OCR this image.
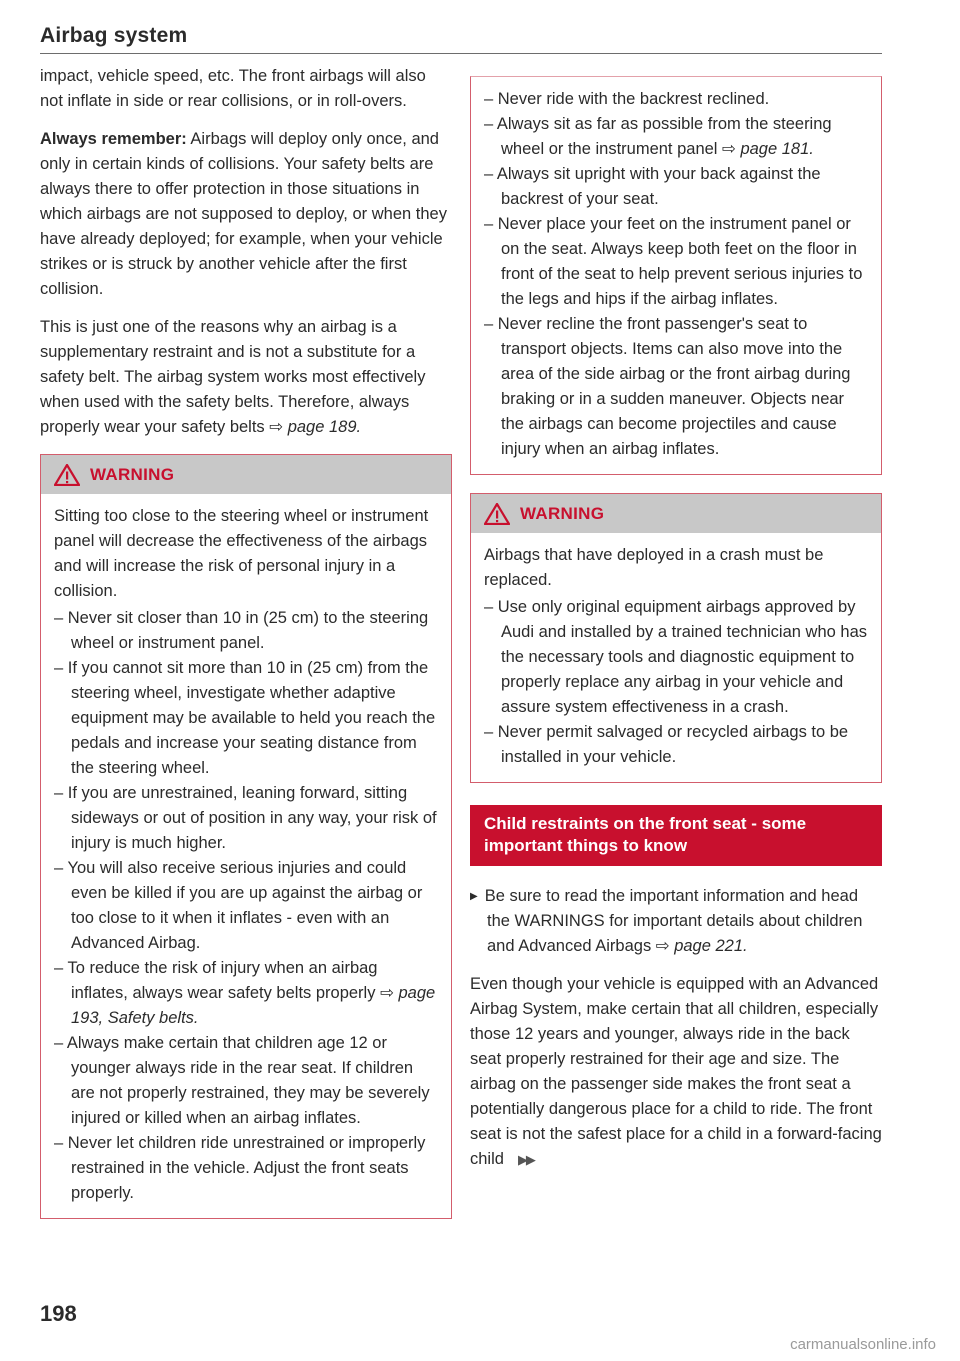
Airbag system

impact, vehicle speed, etc. The front airbags will also not inflate in side or rear collisions, or in roll-overs.

Always remember: Airbags will deploy only once, and only in certain kinds of collisions. Your safety belts are always there to offer protection in those situations in which airbags are not supposed to deploy, or when they have already deployed; for example, when your vehicle strikes or is struck by another vehicle after the first collision.

This is just one of the reasons why an airbag is a supplementary restraint and is not a substitute for a safety belt. The airbag system works most effectively when used with the safety belts. Therefore, always properly wear your safety belts ⇨ page 189.

WARNING

Sitting too close to the steering wheel or instrument panel will decrease the effectiveness of the airbags and will increase the risk of personal injury in a collision.

– Never sit closer than 10 in (25 cm) to the steering wheel or instrument panel.
– If you cannot sit more than 10 in (25 cm) from the steering wheel, investigate whether adaptive equipment may be available to held you reach the pedals and increase your seating distance from the steering wheel.
– If you are unrestrained, leaning forward, sitting sideways or out of position in any way, your risk of injury is much higher.
– You will also receive serious injuries and could even be killed if you are up against the airbag or too close to it when it inflates - even with an Advanced Airbag.
– To reduce the risk of injury when an airbag inflates, always wear safety belts properly ⇨ page 193, Safety belts.
– Always make certain that children age 12 or younger always ride in the rear seat. If children are not properly restrained, they may be severely injured or killed when an airbag inflates.
– Never let children ride unrestrained or improperly restrained in the vehicle. Adjust the front seats properly.
– Never ride with the backrest reclined.
– Always sit as far as possible from the steering wheel or the instrument panel ⇨ page 181.
– Always sit upright with your back against the backrest of your seat.
– Never place your feet on the instrument panel or on the seat. Always keep both feet on the floor in front of the seat to help prevent serious injuries to the legs and hips if the airbag inflates.
– Never recline the front passenger's seat to transport objects. Items can also move into the area of the side airbag or the front airbag during braking or in a sudden maneuver. Objects near the airbags can become projectiles and cause injury when an airbag inflates.
WARNING

Airbags that have deployed in a crash must be replaced.

– Use only original equipment airbags approved by Audi and installed by a trained technician who has the necessary tools and diagnostic equipment to properly replace any airbag in your vehicle and assure system effectiveness in a crash.
– Never permit salvaged or recycled airbags to be installed in your vehicle.
Child restraints on the front seat - some important things to know
▶ Be sure to read the important information and head the WARNINGS for important details about children and Advanced Airbags ⇨ page 221.

Even though your vehicle is equipped with an Advanced Airbag System, make certain that all children, especially those 12 years and younger, always ride in the back seat properly restrained for their age and size. The airbag on the passenger side makes the front seat a potentially dangerous place for a child to ride. The front seat is not the safest place for a child in a forward-facing child ▶▶

198
carmanualsonline.info
